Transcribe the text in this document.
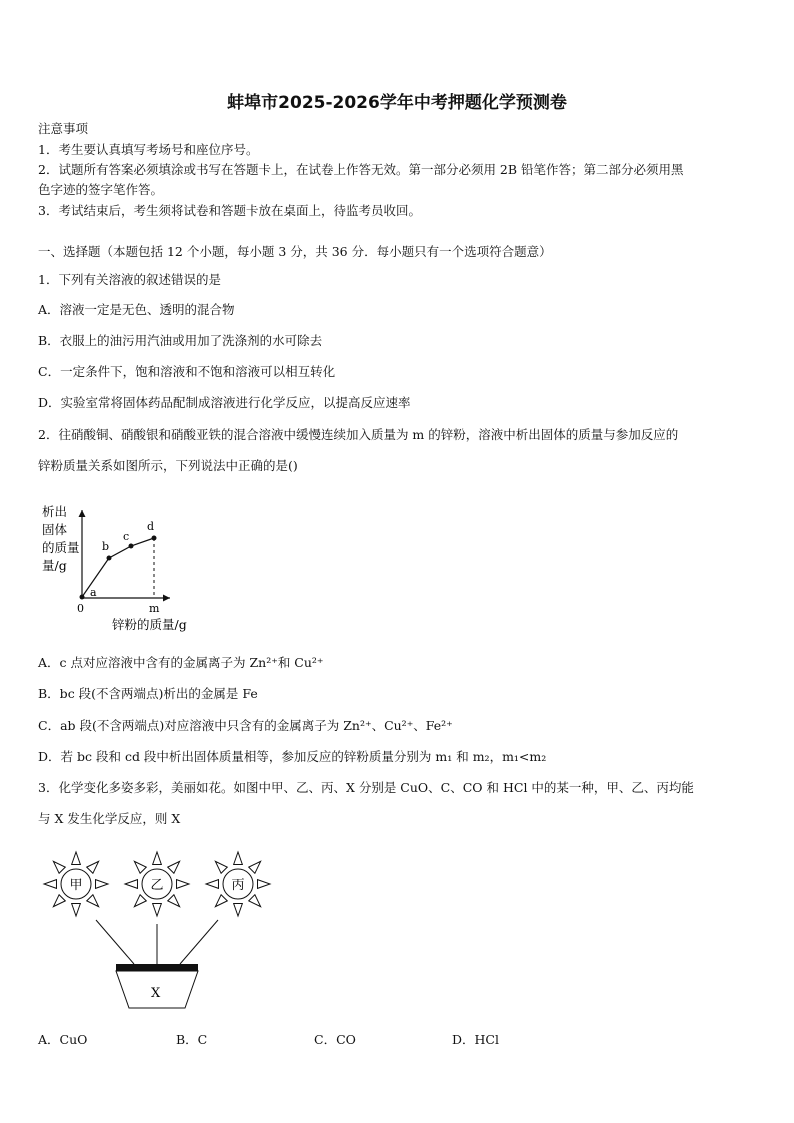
蚌埠市2025-2026学年中考押题化学预测卷
注意事项
1．考生要认真填写考场号和座位序号。
2．试题所有答案必须填涂或书写在答题卡上，在试卷上作答无效。第一部分必须用 2B 铅笔作答；第二部分必须用黑
色字迹的签字笔作答。
3．考试结束后，考生须将试卷和答题卡放在桌面上，待监考员收回。
一、选择题（本题包括 12 个小题，每小题 3 分，共 36 分．每小题只有一个选项符合题意）
1．下列有关溶液的叙述错误的是
A．溶液一定是无色、透明的混合物
B．衣服上的油污用汽油或用加了洗涤剂的水可除去
C．一定条件下，饱和溶液和不饱和溶液可以相互转化
D．实验室常将固体药品配制成溶液进行化学反应，以提高反应速率
2．往硝酸铜、硝酸银和硝酸亚铁的混合溶液中缓慢连续加入质量为 m 的锌粉，溶液中析出固体的质量与参加反应的
锌粉质量关系如图所示，下列说法中正确的是()
析出
固体
的质量
量/g
a
b
c
d
0	m
锌粉的质量/g
A．c 点对应溶液中含有的金属离子为 Zn²⁺和 Cu²⁺
B．bc 段(不含两端点)析出的金属是 Fe
C．ab 段(不含两端点)对应溶液中只含有的金属离子为 Zn²⁺、Cu²⁺、Fe²⁺
D．若 bc 段和 cd 段中析出固体质量相等，参加反应的锌粉质量分别为 m₁ 和 m₂，m₁<m₂
3．化学变化多姿多彩，美丽如花。如图中甲、乙、丙、X 分别是 CuO、C、CO 和 HCl 中的某一种，甲、乙、丙均能
与 X 发生化学反应，则 X
甲	乙	丙
X
A．CuO	B．C	C．CO	D．HCl
